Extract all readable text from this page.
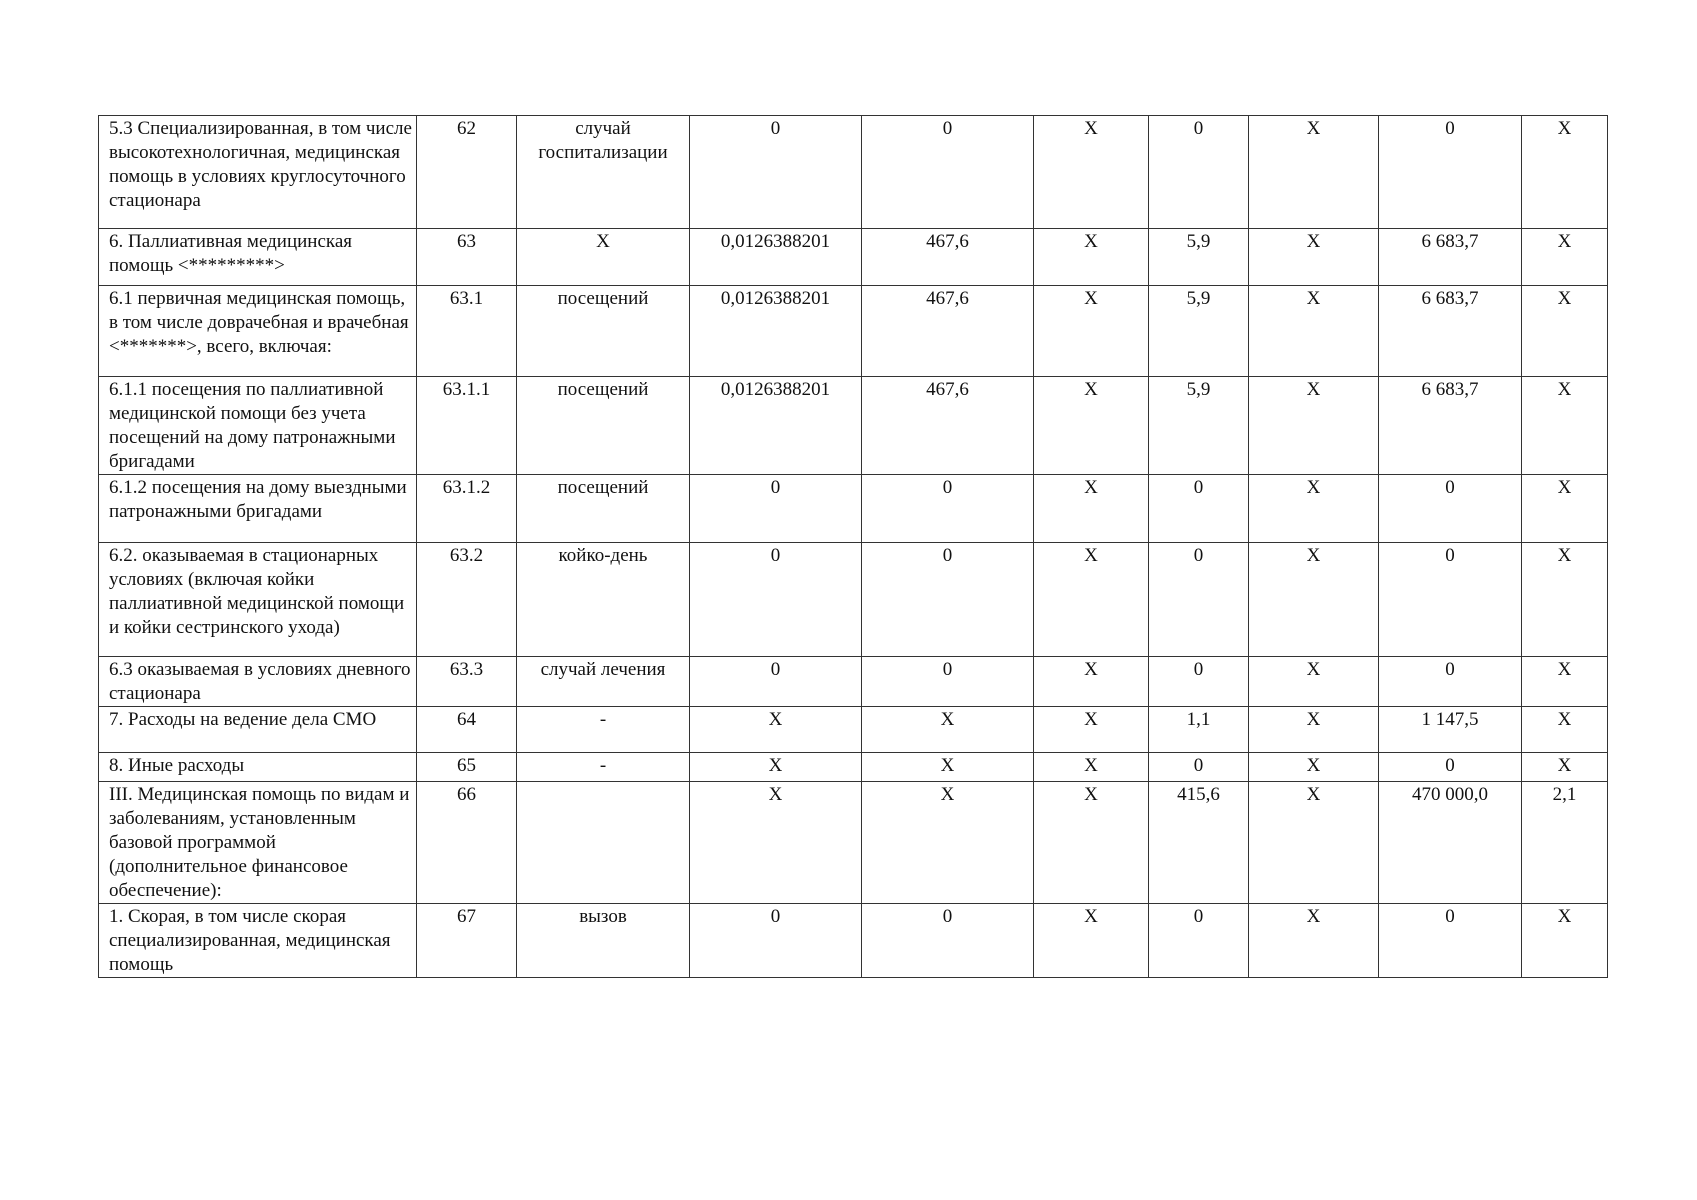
5.3 Специализированная, в том числе высокотехнологичная, медицинская помощь в условиях круглосуточного стационара	62	случай госпитализации	0	0	X	0	X	0	X
6. Паллиативная медицинская помощь <*********>	63	X	0,0126388201	467,6	X	5,9	X	6 683,7	X
6.1 первичная медицинская помощь, в том числе доврачебная и врачебная <*******>, всего, включая:	63.1	посещений	0,0126388201	467,6	X	5,9	X	6 683,7	X
6.1.1 посещения по паллиативной медицинской помощи без учета посещений на дому патронажными бригадами	63.1.1	посещений	0,0126388201	467,6	X	5,9	X	6 683,7	X
6.1.2 посещения на дому выездными патронажными бригадами	63.1.2	посещений	0	0	X	0	X	0	X
6.2. оказываемая в стационарных условиях (включая койки паллиативной медицинской помощи и койки сестринского ухода)	63.2	койко-день	0	0	X	0	X	0	X
6.3 оказываемая в условиях дневного стационара	63.3	случай лечения	0	0	X	0	X	0	X
7. Расходы на ведение дела СМО	64	-	X	X	X	1,1	X	1 147,5	X
8. Иные расходы	65	-	X	X	X	0	X	0	X
III. Медицинская помощь по видам и заболеваниям, установленным базовой программой (дополнительное финансовое обеспечение):	66		X	X	X	415,6	X	470 000,0	2,1
1. Скорая, в том числе скорая специализированная, медицинская помощь	67	вызов	0	0	X	0	X	0	X
